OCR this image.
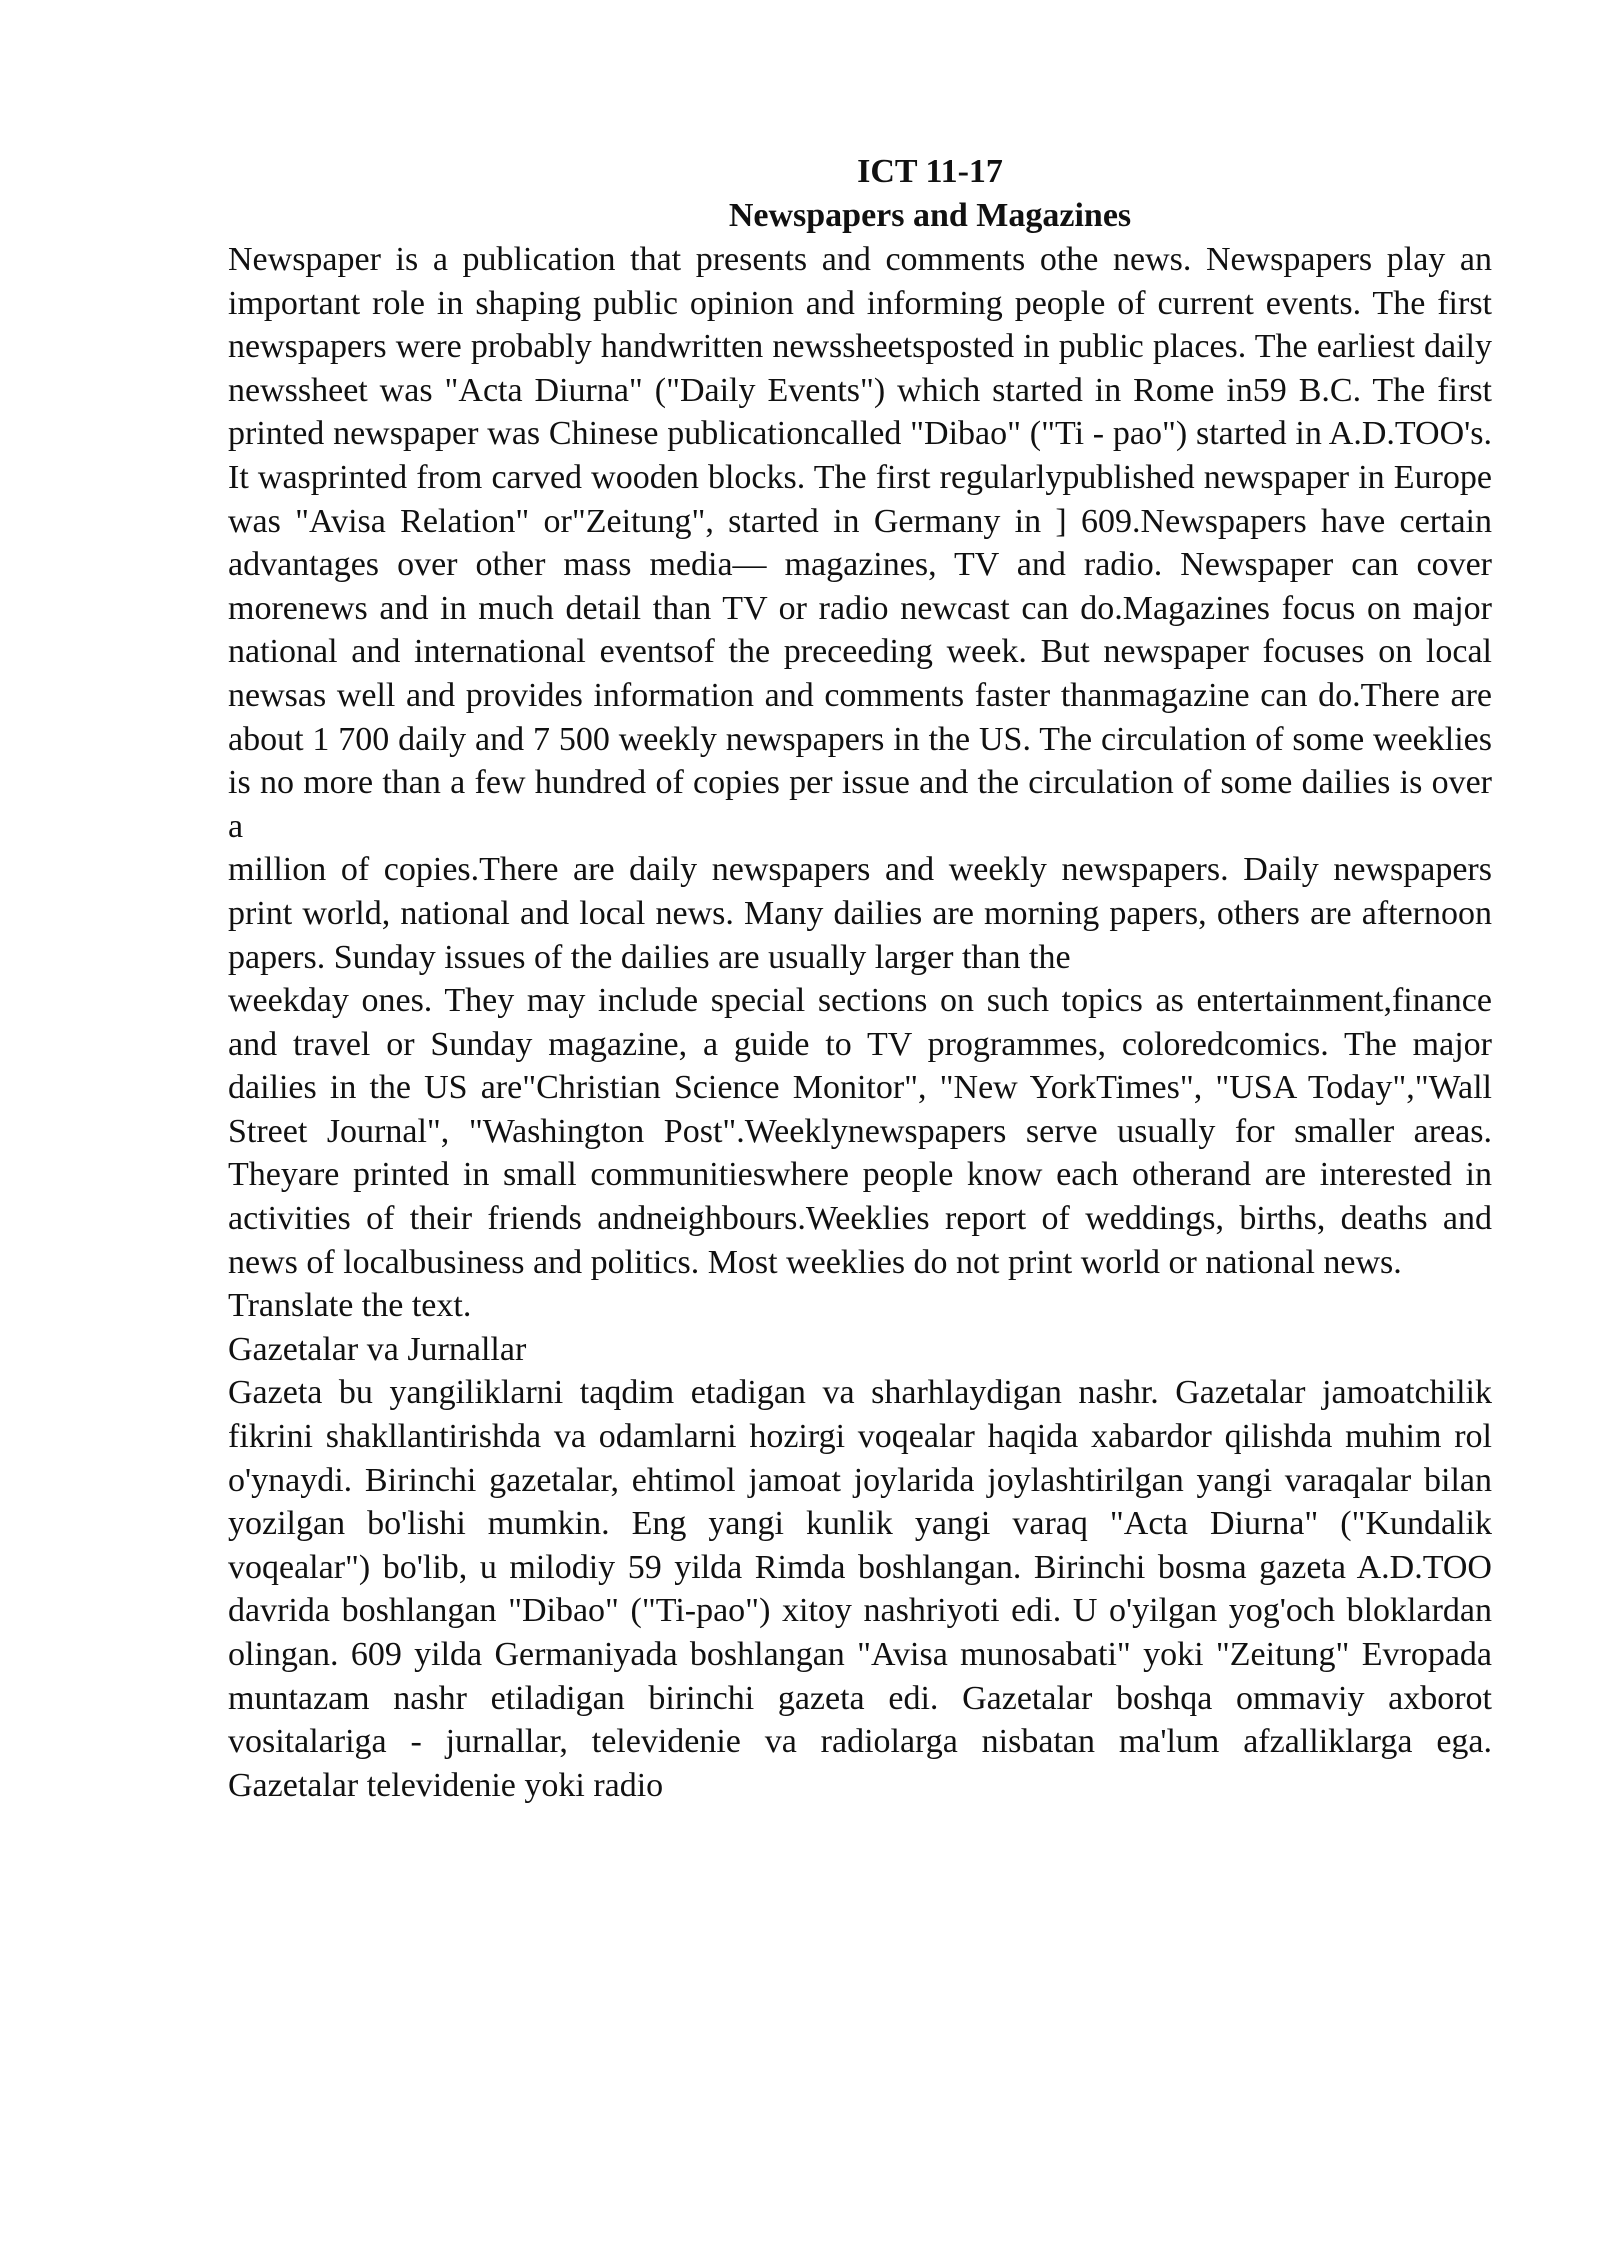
ICT 11-17

Newspapers and Magazines

Newspaper is a publication that presents and comments othe news. Newspapers play an important role in shaping public opinion and informing people of current events. The first newspapers were probably handwritten newssheetsposted in public places. The earliest daily newssheet was "Acta Diurna" ("Daily Events") which started in Rome in59 B.C. The first printed newspaper was Chinese publicationcalled "Dibao" ("Ti - pao") started in A.D.TOO's. It wasprinted from carved wooden blocks. The first regularlypublished newspaper in Europe was "Avisa Relation" or"Zeitung", started in Germany in ] 609.Newspapers have certain advantages over other mass media— magazines, TV and radio. Newspaper can cover morenews and in much detail than TV or radio newcast can do.Magazines focus on major national and international eventsof the preceeding week. But newspaper focuses on local newsas well and provides information and comments faster thanmagazine can do.There are about 1 700 daily and 7 500 weekly newspapers in the US. The circulation of some weeklies is no more than a few hundred of copies per issue and the circulation of some dailies is over a

million of copies.There are daily newspapers and weekly newspapers. Daily newspapers print world, national and local news. Many dailies are morning papers, others are afternoon papers. Sunday issues of the dailies are usually larger than the

weekday ones. They may include special sections on such topics as entertainment,finance and travel or Sunday magazine, a guide to TV programmes, coloredcomics. The major dailies in the US are"Christian Science Monitor", "New YorkTimes", "USA Today","Wall Street Journal", "Washington Post".Weeklynewspapers serve usually for smaller areas. Theyare printed in small communitieswhere people know each otherand are interested in activities of their friends andneighbours.Weeklies report of weddings, births, deaths and news of localbusiness and politics. Most weeklies do not print world or national news.

Translate the text.

Gazetalar va Jurnallar

Gazeta bu yangiliklarni taqdim etadigan va sharhlaydigan nashr. Gazetalar jamoatchilik fikrini shakllantirishda va odamlarni hozirgi voqealar haqida xabardor qilishda muhim rol o'ynaydi. Birinchi gazetalar, ehtimol jamoat joylarida joylashtirilgan yangi varaqalar bilan yozilgan bo'lishi mumkin. Eng yangi kunlik yangi varaq "Acta Diurna" ("Kundalik voqealar") bo'lib, u milodiy 59 yilda Rimda boshlangan. Birinchi bosma gazeta A.D.TOO davrida boshlangan "Dibao" ("Ti-pao") xitoy nashriyoti edi. U o'yilgan yog'och bloklardan olingan. 609 yilda Germaniyada boshlangan "Avisa munosabati" yoki "Zeitung" Evropada muntazam nashr etiladigan birinchi gazeta edi. Gazetalar boshqa ommaviy axborot vositalariga - jurnallar, televidenie va radiolarga nisbatan ma'lum afzalliklarga ega. Gazetalar televidenie yoki radio
